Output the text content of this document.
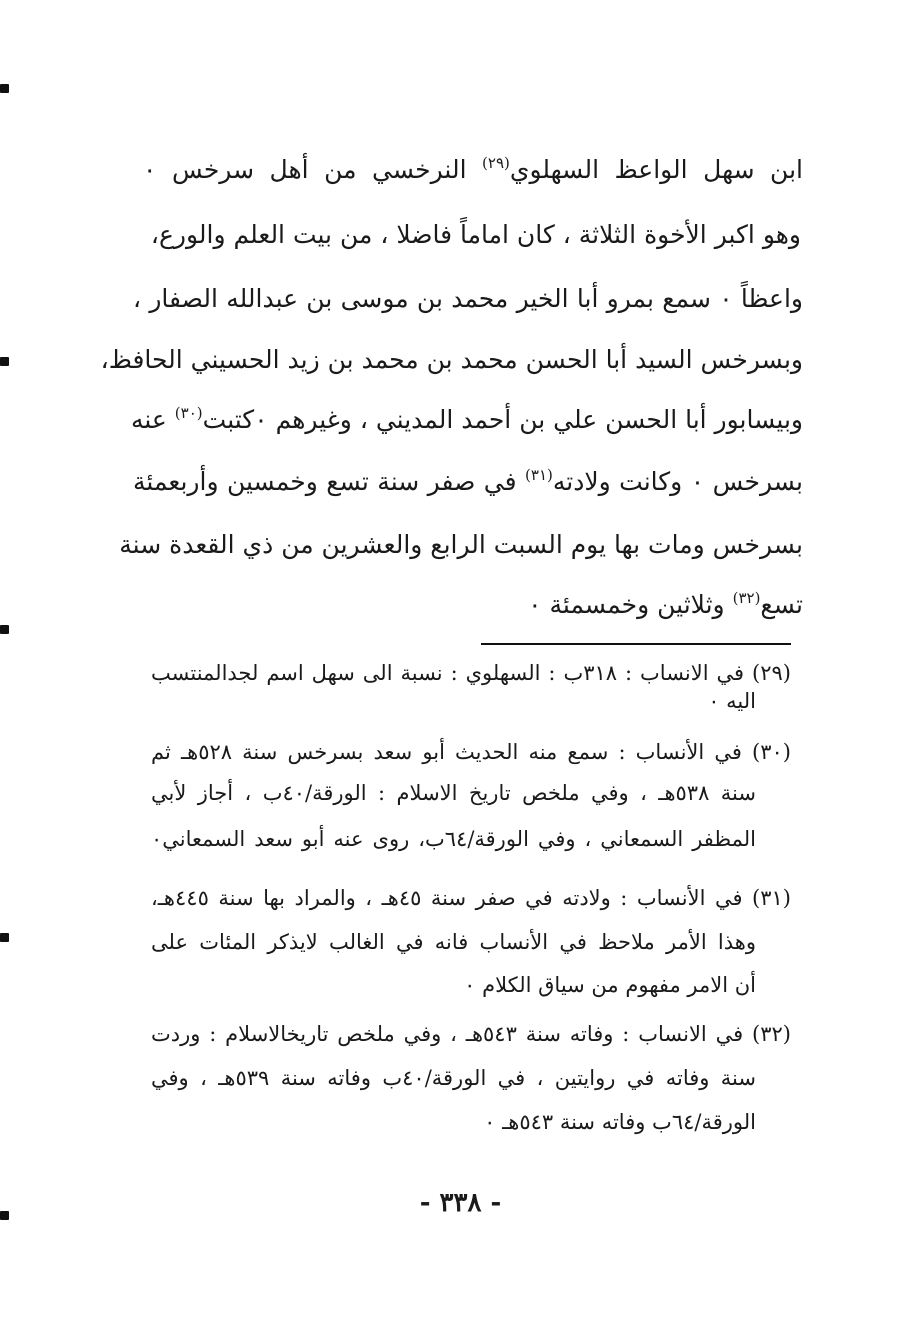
ابن سهل الواعظ السهلوي$^{(٢٩)}$ النرخسي من أهل سرخس ٠
وهو اكبر الأخوة الثلاثة ، كان اماماً فاضلا ، من بيت العلم والورع،
واعظاً ٠ سمع بمرو أبا الخير محمد بن موسى بن عبدالله الصفار ،
وبسرخس السيد أبا الحسن محمد بن محمد بن زيد الحسيني الحافظ،
وبيسابور أبا الحسن علي بن أحمد المديني ، وغيرهم ٠كتبت$^{(٣٠)}$ عنه
بسرخس ٠ وكانت ولادته$^{(٣١)}$ في صفر سنة تسع وخمسين وأربعمئة
بسرخس ومات بها يوم السبت الرابع والعشرين من ذي القعدة سنة
تسع$^{(٣٢)}$ وثلاثين وخمسمئة ٠
(٢٩) في الانساب : ٣١٨ب : السهلوي : نسبة الى سهل اسم لجدالمنتسب
اليه ٠
(٣٠) في الأنساب : سمع منه الحديث أبو سعد بسرخس سنة ٥٢٨هـ ثم
سنة ٥٣٨هـ ، وفي ملخص تاريخ الاسلام : الورقة/٤٠ب ، أجاز لأبي
المظفر السمعاني ، وفي الورقة/٦٤ب، روى عنه أبو سعد السمعاني٠
(٣١) في الأنساب : ولادته في صفر سنة ٤٥هـ ، والمراد بها سنة ٤٤٥هـ،
وهذا الأمر ملاحظ في الأنساب فانه في الغالب لايذكر المئات على
أن الامر مفهوم من سياق الكلام ٠
(٣٢) في الانساب : وفاته سنة ٥٤٣هـ ، وفي ملخص تاريخالاسلام : وردت
سنة وفاته في روايتين ، في الورقة/٤٠ب وفاته سنة ٥٣٩هـ ، وفي
الورقة/٦٤ب وفاته سنة ٥٤٣هـ ٠
- ٣٣٨ -
